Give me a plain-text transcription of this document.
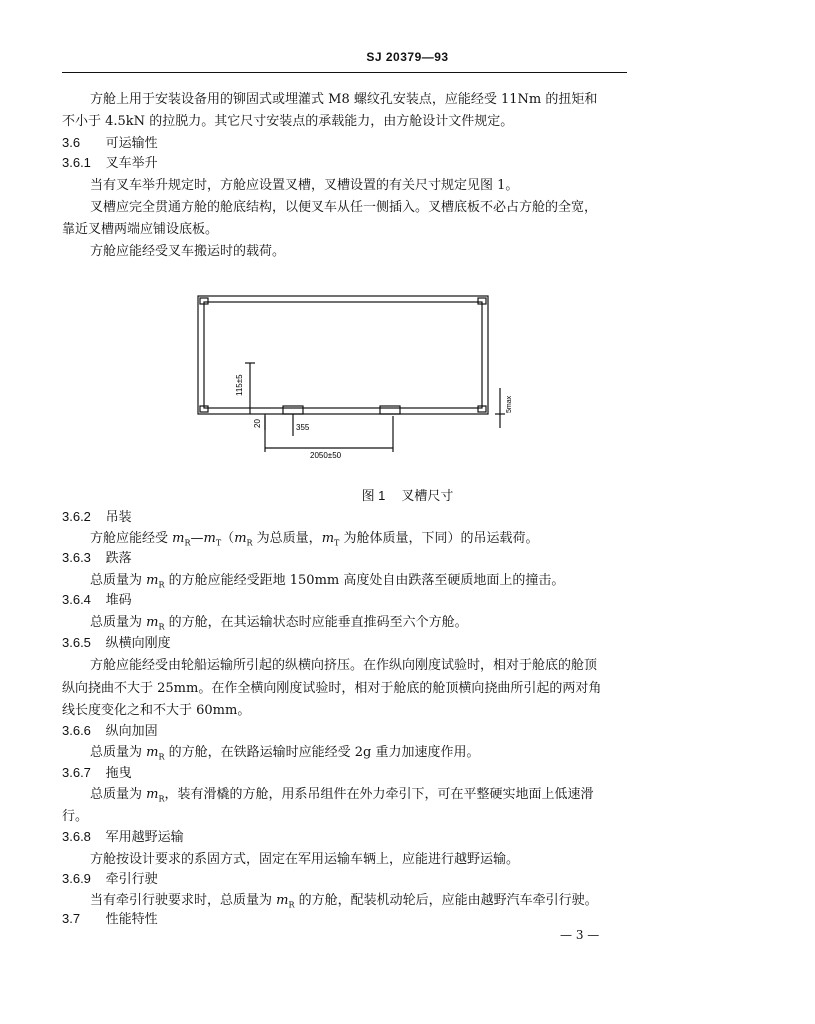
SJ 20379—93
方舱上用于安装设备用的铆固式或埋灌式 M8 螺纹孔安装点，应能经受 11Nm 的扭矩和
不小于 4.5kN 的拉脱力。其它尺寸安装点的承载能力，由方舱设计文件规定。
3.6 可运输性
3.6.1 叉车举升
当有叉车举升规定时，方舱应设置叉槽，叉槽设置的有关尺寸规定见图 1。
叉槽应完全贯通方舱的舱底结构，以便叉车从任一侧插入。叉槽底板不必占方舱的全宽，
靠近叉槽两端应铺设底板。
方舱应能经受叉车搬运时的载荷。
115±5
20	355
2050±50
5max
图 1 叉槽尺寸
3.6.2 吊装
方舱应能经受 $m_R—m_T(m_R$ 为总质量，$m_T$ 为舱体质量，下同）的吊运载荷。
3.6.3 跌落
总质量为 $m_R$ 的方舱应能经受距地 150mm 高度处自由跌落至硬质地面上的撞击。
3.6.4 堆码
总质量为 $m_R$ 的方舱，在其运输状态时应能垂直推码至六个方舱。
3.6.5 纵横向刚度
方舱应能经受由轮船运输所引起的纵横向挤压。在作纵向刚度试验时，相对于舱底的舱顶
纵向挠曲不大于 25mm。在作全横向刚度试验时，相对于舱底的舱顶横向挠曲所引起的两对角
线长度变化之和不大于 60mm。
3.6.6 纵向加固
总质量为 $m_R$ 的方舱，在铁路运输时应能经受 2g 重力加速度作用。
3.6.7 拖曳
总质量为 $m_R$，装有滑橇的方舱，用系吊组件在外力牵引下，可在平整硬实地面上低速滑
行。
3.6.8 军用越野运输
方舱按设计要求的系固方式，固定在军用运输车辆上，应能进行越野运输。
3.6.9 牵引行驶
当有牵引行驶要求时，总质量为 $m_R$ 的方舱，配装机动轮后，应能由越野汽车牵引行驶。
3.7 性能特性
— 3 —
